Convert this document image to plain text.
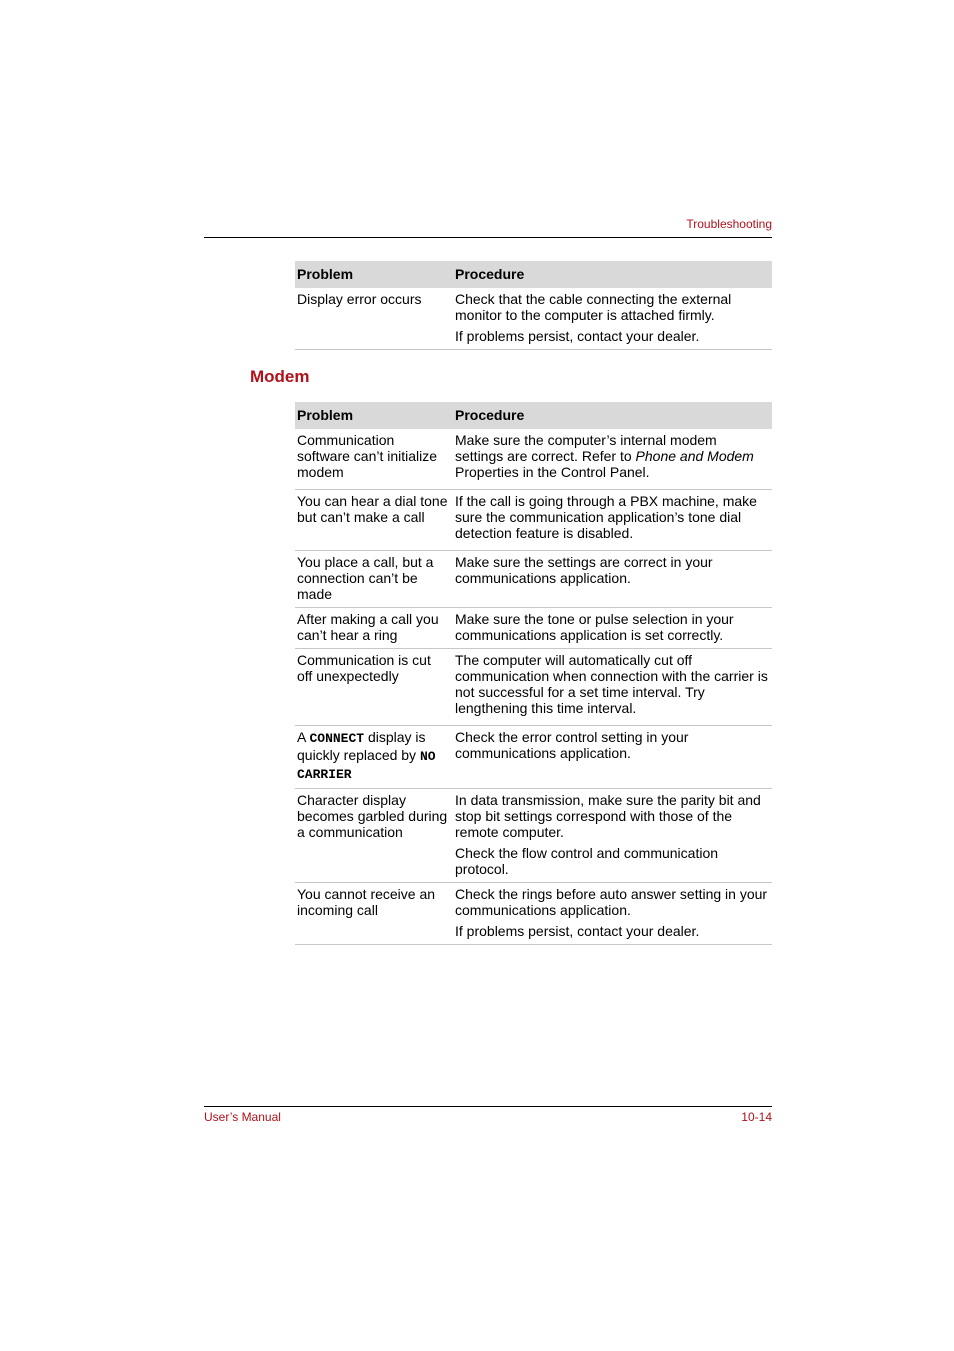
Troubleshooting
Problem	Procedure
Display error occurs	Check that the cable connecting the external monitor to the computer is attached firmly.

If problems persist, contact your dealer.

Modem
Problem	Procedure
Communication software can’t initialize modem	Make sure the computer’s internal modem settings are correct. Refer to Phone and Modem Properties in the Control Panel.
You can hear a dial tone but can’t make a call	If the call is going through a PBX machine, make sure the communication application’s tone dial detection feature is disabled.
You place a call, but a connection can’t be made	Make sure the settings are correct in your communications application.
After making a call you can’t hear a ring	Make sure the tone or pulse selection in your communications application is set correctly.
Communication is cut off unexpectedly	The computer will automatically cut off communication when connection with the carrier is not successful for a set time interval. Try lengthening this time interval.
A CONNECT display is quickly replaced by NO CARRIER	Check the error control setting in your communications application.
Character display becomes garbled during a communication	In data transmission, make sure the parity bit and stop bit settings correspond with those of the remote computer.

Check the flow control and communication protocol.

You cannot receive an incoming call	Check the rings before auto answer setting in your communications application.

If problems persist, contact your dealer.

User’s Manual	10-14
